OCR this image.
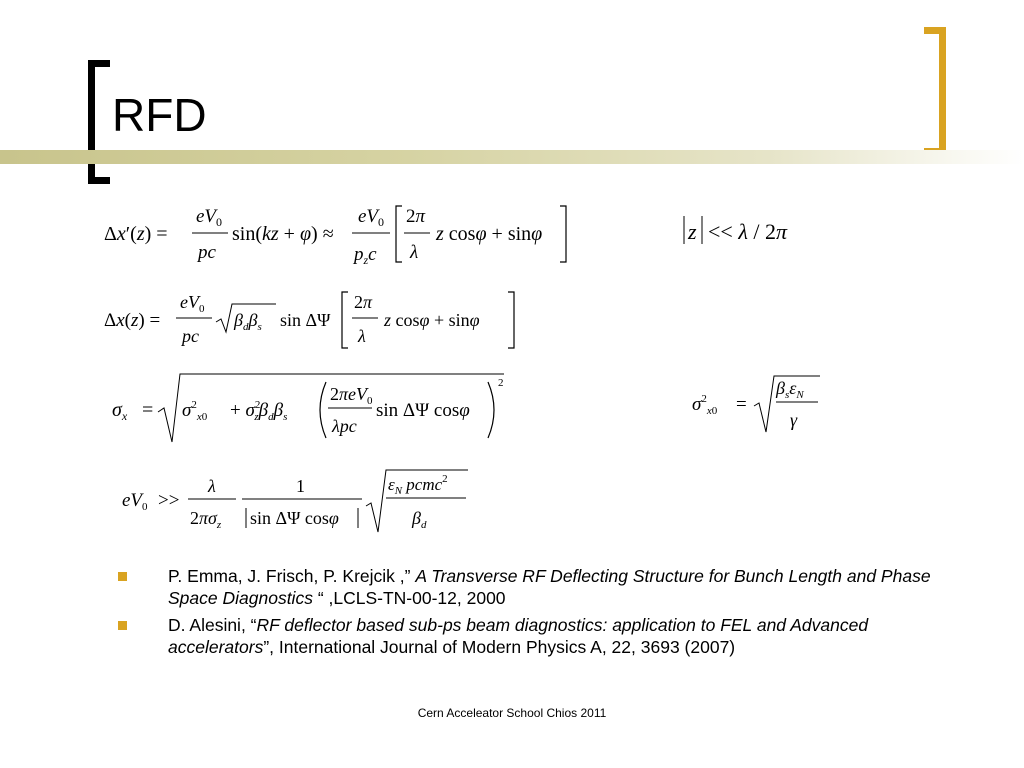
RFD
Δx′(z) =
$eV_0$
pc
sin(kz + φ) ≈
$eV_0$
$p_zc$
2π
λ
z cosφ + sinφ	z << λ / 2π
Δx(z) =
$eV_0$
pc
$\beta_d\beta_s$ sin ΔΨ
2π
λ
z cosφ + sinφ
$\sigma_x = \sigma^2_x0 + \sigma^2$ $z\beta_d\beta_s$
2πeV$_0$
λpc
sin ΔΨ cosφ
2
$\sigma^2_x0$ =
$\beta_s\varepsilon_N$
γ
$eV_0$ >>
λ
$2\pi\sigma_z$
1
sin ΔΨ cosφ
$\varepsilon_N$ pcmc$^2$
$\beta_d$
P. Emma, J. Frisch, P. Krejcik ,” A Transverse RF Deflecting Structure for Bunch Length and Phase Space Diagnostics “ ,LCLS-TN-00-12, 2000
D. Alesini, “RF deflector based sub-ps beam diagnostics: application to FEL and Advanced accelerators”, International Journal of Modern Physics A, 22, 3693 (2007)
Cern Acceleator School Chios 2011
